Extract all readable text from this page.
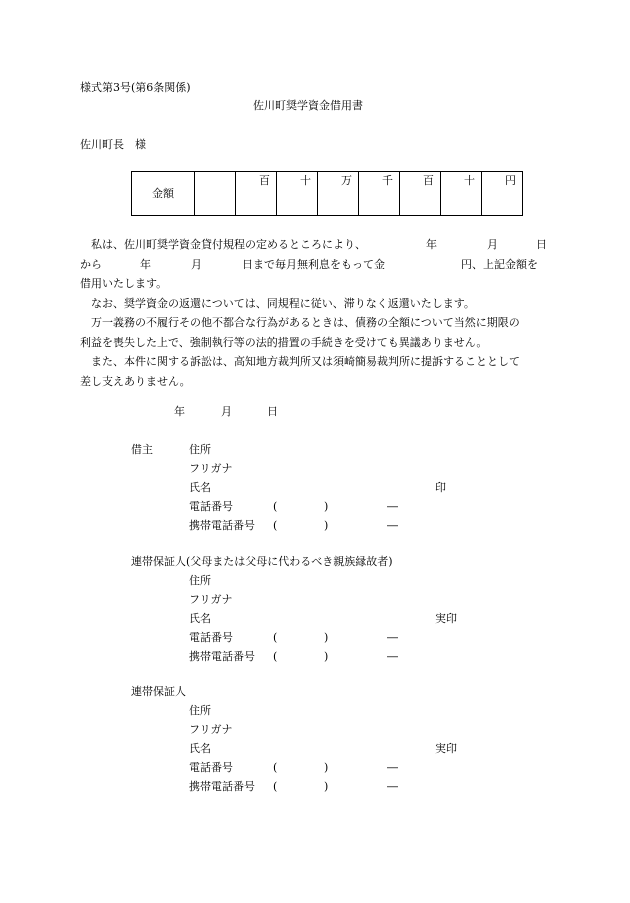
様式第3号(第6条関係)
佐川町奨学資金借用書
佐川町長　様
金額		百	十	万	千	百	十	円
私は、佐川町奨学資金貸付規程の定めるところにより、	年	月	日
から	年	月	日まで毎月無利息をもって金	円、上記金額を
借用いたします。
なお、奨学資金の返還については、同規程に従い、滞りなく返還いたします。
万一義務の不履行その他不都合な行為があるときは、債務の全額について当然に期限の
利益を喪失した上で、強制執行等の法的措置の手続きを受けても異議ありません。
また、本件に関する訴訟は、高知地方裁判所又は須崎簡易裁判所に提訴することとして
差し支えありません。
年	月	日
借主	住所
フリガナ
氏名	印
電話番号	(	)	―
携帯電話番号 (	)	―
連帯保証人(父母または父母に代わるべき親族縁故者)
住所
フリガナ
氏名	実印
電話番号	(	)	―
携帯電話番号 (	)	―
連帯保証人
住所
フリガナ
氏名	実印
電話番号	(	)	―
携帯電話番号 (	)	―
